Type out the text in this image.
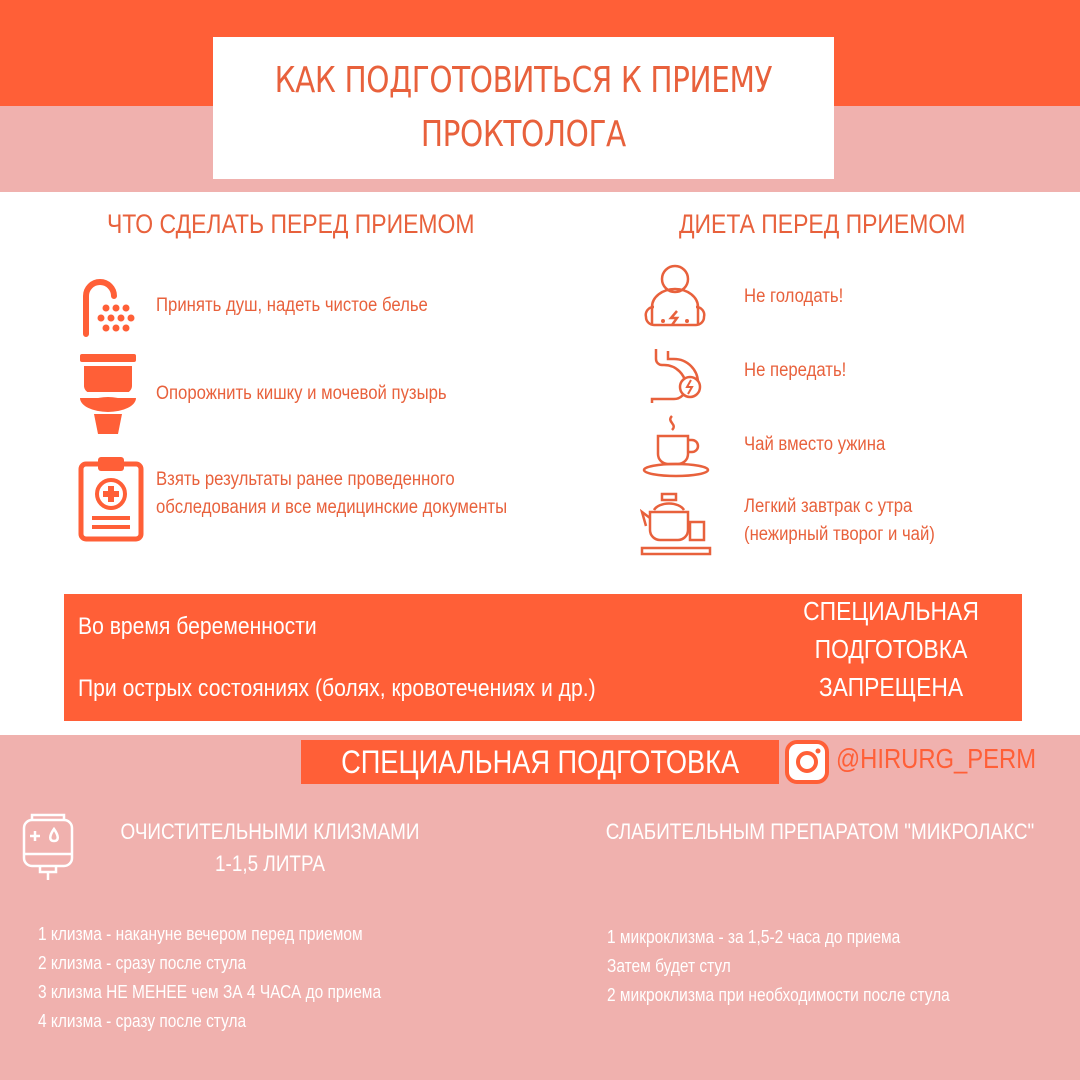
КАК ПОДГОТОВИТЬСЯ К ПРИЕМУ
ПРОКТОЛОГА
ЧТО СДЕЛАТЬ ПЕРЕД ПРИЕМОМ	ДИЕТА ПЕРЕД ПРИЕМОМ
Принять душ, надеть чистое белье
Опорожнить кишку и мочевой пузырь
Взять результаты ранее проведенного
обследования и все медицинские документы
Не голодать!
Не передать!
Чай вместо ужина
Легкий завтрак с утра
(нежирный творог и чай)
Во время беременности
При острых состояниях (болях, кровотечениях и др.)
СПЕЦИАЛЬНАЯ
ПОДГОТОВКА
ЗАПРЕЩЕНА
СПЕЦИАЛЬНАЯ ПОДГОТОВКА	@HIRURG_PERM
ОЧИСТИТЕЛЬНЫМИ КЛИЗМАМИ
1-1,5 ЛИТРА
1 клизма - накануне вечером перед приемом
2 клизма - сразу после стула
3 клизма НЕ МЕНЕЕ чем ЗА 4 ЧАСА до приема
4 клизма - сразу после стула
СЛАБИТЕЛЬНЫМ ПРЕПАРАТОМ "МИКРОЛАКС"
1 микроклизма - за 1,5-2 часа до приема
Затем будет стул
2 микроклизма при необходимости после стула
